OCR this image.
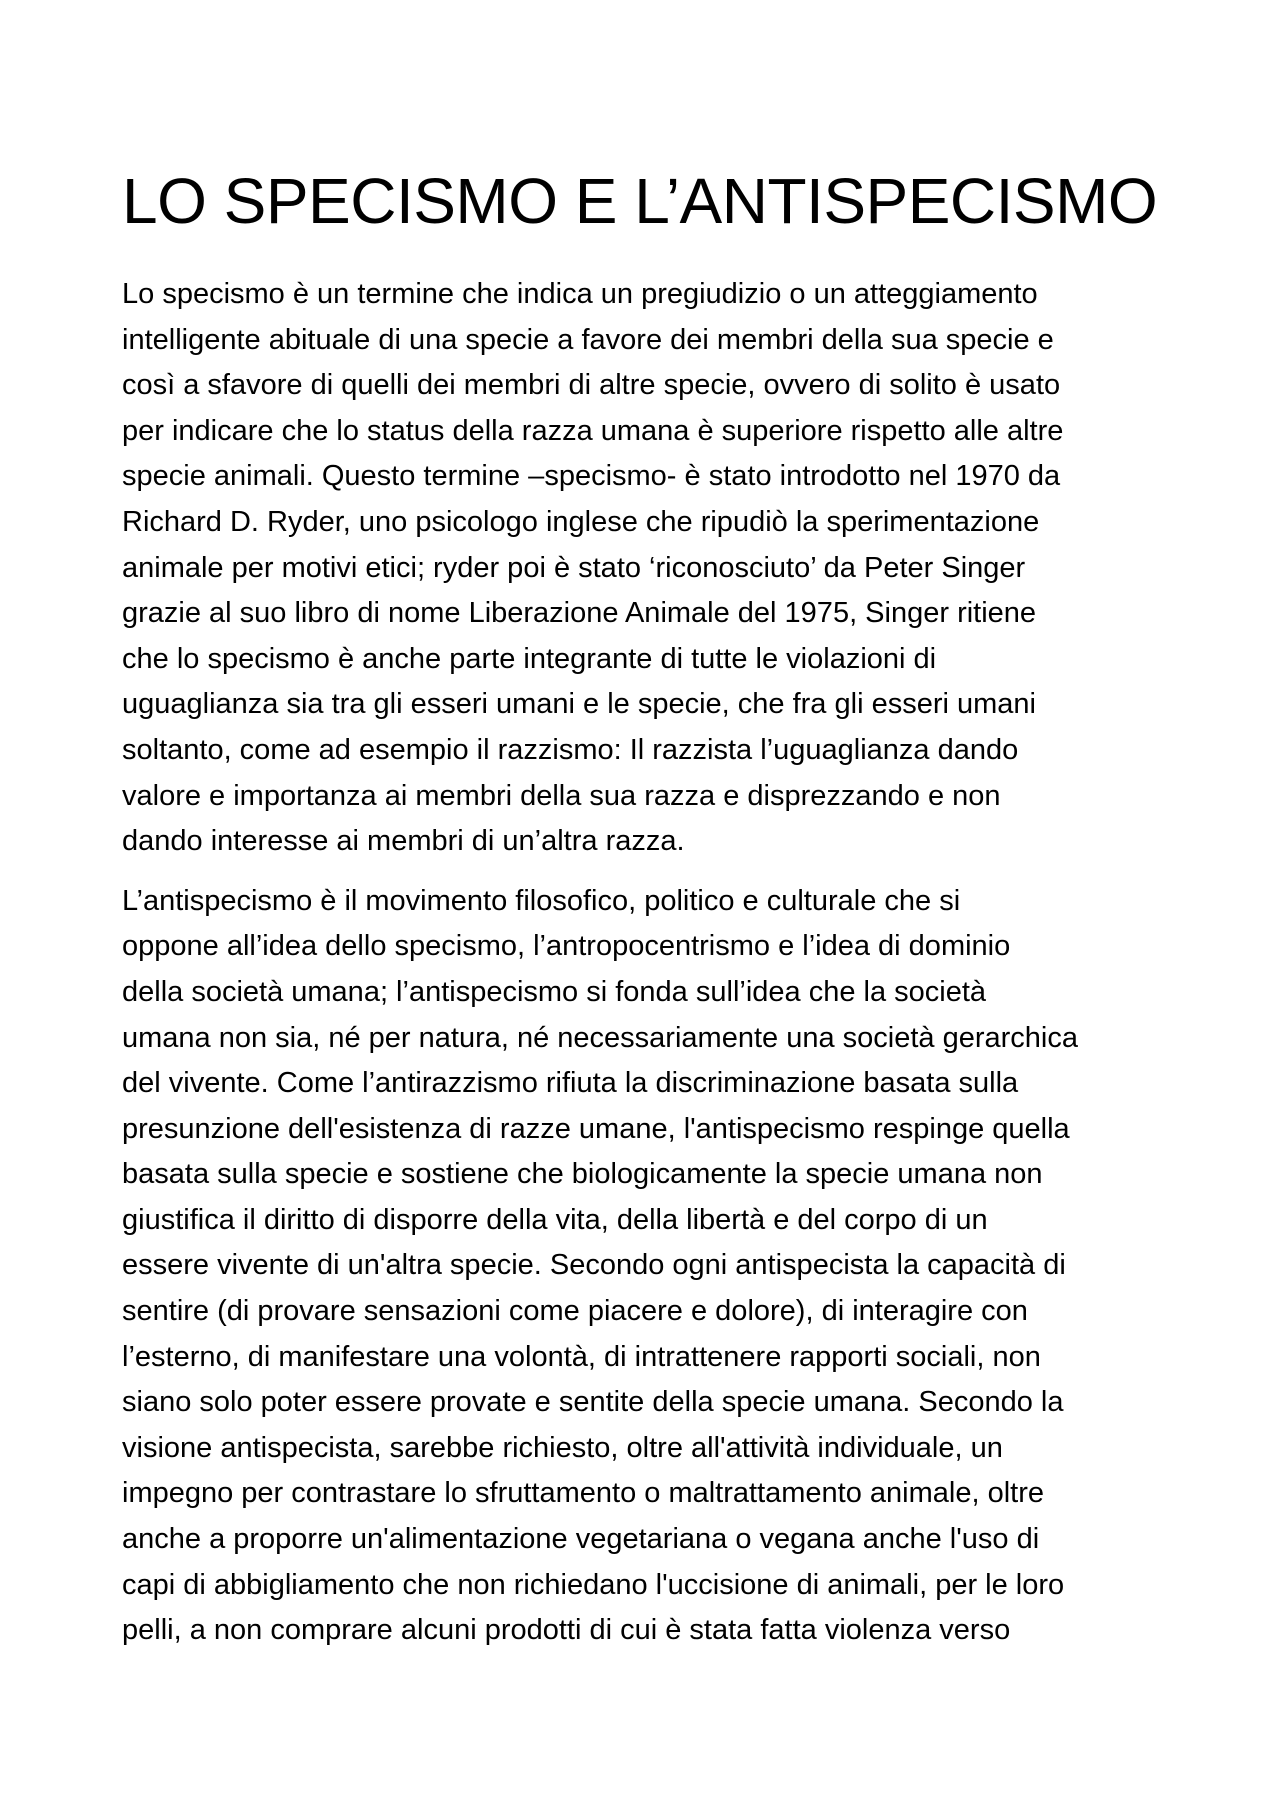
LO SPECISMO E L’ANTISPECISMO

Lo specismo è un termine che indica un pregiudizio o un atteggiamento
intelligente abituale di una specie a favore dei membri della sua specie e
così a sfavore di quelli dei membri di altre specie, ovvero di solito è usato
per indicare che lo status della razza umana è superiore rispetto alle altre
specie animali. Questo termine –specismo- è stato introdotto nel 1970 da
Richard D. Ryder, uno psicologo inglese che ripudiò la sperimentazione
animale per motivi etici; ryder poi è stato ‘riconosciuto’ da Peter Singer
grazie al suo libro di nome Liberazione Animale del 1975, Singer ritiene
che lo specismo è anche parte integrante di tutte le violazioni di
uguaglianza sia tra gli esseri umani e le specie, che fra gli esseri umani
soltanto, come ad esempio il razzismo: Il razzista l’uguaglianza dando
valore e importanza ai membri della sua razza e disprezzando e non
dando interesse ai membri di un’altra razza.

L’antispecismo è il movimento filosofico, politico e culturale che si
oppone all’idea dello specismo, l’antropocentrismo e l’idea di dominio
della società umana; l’antispecismo si fonda sull’idea che la società
umana non sia, né per natura, né necessariamente una società gerarchica
del vivente. Come l’antirazzismo rifiuta la discriminazione basata sulla
presunzione dell'esistenza di razze umane, l'antispecismo respinge quella
basata sulla specie e sostiene che biologicamente la specie umana non
giustifica il diritto di disporre della vita, della libertà e del corpo di un
essere vivente di un'altra specie. Secondo ogni antispecista la capacità di
sentire (di provare sensazioni come piacere e dolore), di interagire con
l’esterno, di manifestare una volontà, di intrattenere rapporti sociali, non
siano solo poter essere provate e sentite della specie umana. Secondo la
visione antispecista, sarebbe richiesto, oltre all'attività individuale, un
impegno per contrastare lo sfruttamento o maltrattamento animale, oltre
anche a proporre un'alimentazione vegetariana o vegana anche l'uso di
capi di abbigliamento che non richiedano l'uccisione di animali, per le loro
pelli, a non comprare alcuni prodotti di cui è stata fatta violenza verso
